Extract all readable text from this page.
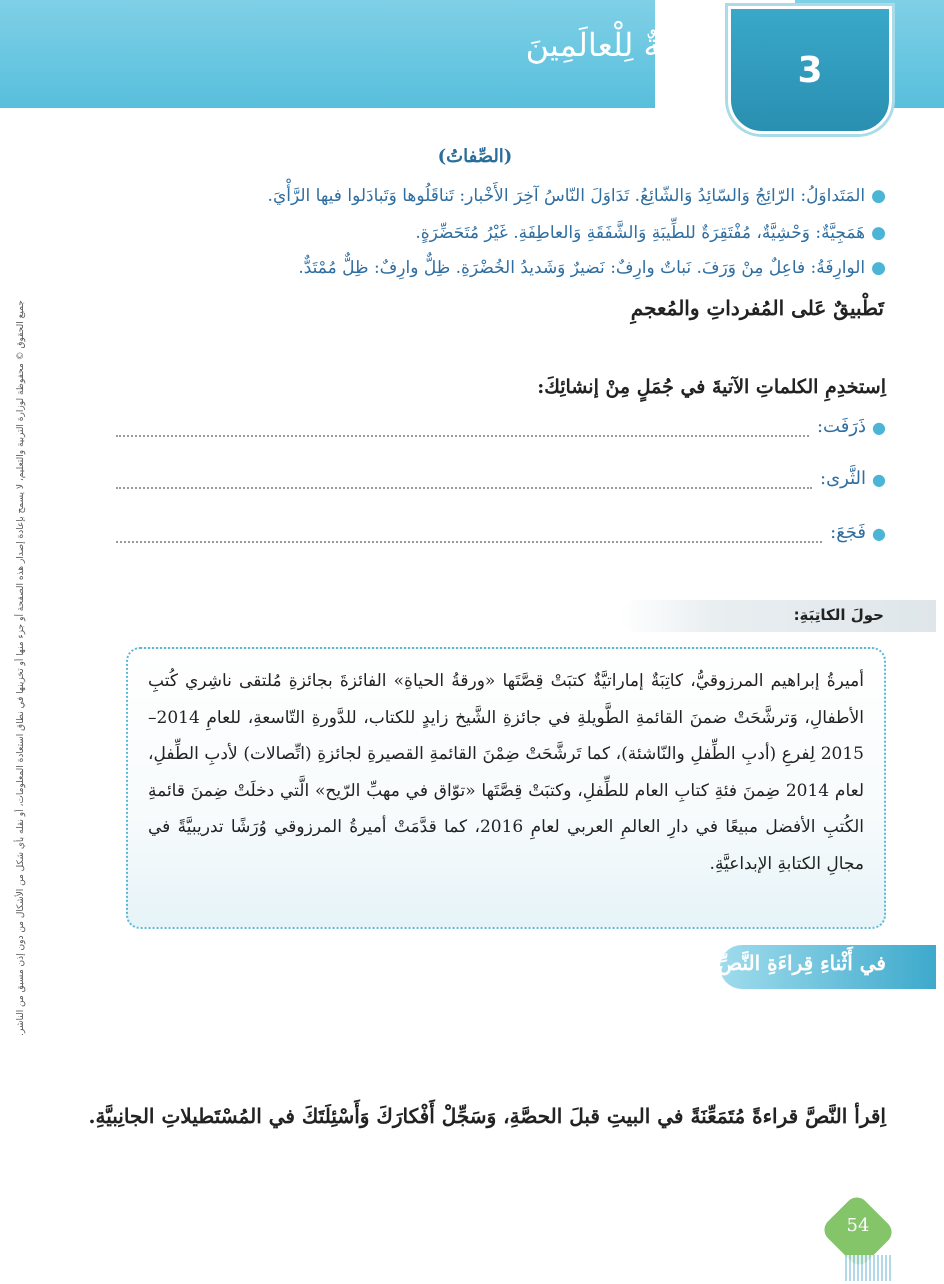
3
رَحْمَةٌ لِلْعالَمِينَ
جميع الحقوق © محفوظة لوزارة التربية والتعليم، لا يسمح بإعادة إصدار هذه الصفحة أو جزء منها أو تخزينها في نطاق استعادة المعلومات، أو نقله بأي شكل من الأشكال من دون إذن مسبق من الناشر.
(الصِّفاتُ)
●المَتَداوَلُ: الرّائِجُ وَالسّائِدُ وَالشّائِعُ. تَدَاوَلَ النّاسُ آخِرَ الأَخْبار: تَناقَلُوها وَتَبادَلوا فيها الرَّأْيَ.
●هَمَجِيَّةٌ: وَحْشِيَّةٌ، مُفْتَقِرَةٌ للطِّيبَةِ وَالشَّفَقَةِ وَالعاطِفَةِ. غَيْرُ مُتَحَضِّرَةٍ.
●الوارِفَةُ: فاعِلٌ مِنْ وَرَفَ. نَباتٌ وارِفٌ: نَضيرٌ وَشَديدُ الخُضْرَةِ. ظِلٌّ وارِفٌ: ظِلٌّ مُمْتَدٌّ.
تَطْبيقٌ عَلى المُفرداتِ والمُعجمِ
اِستخدِمِ الكلماتِ الآتيةَ في جُمَلٍ مِنْ إنشائِكَ:
●
ذَرَفَت:
●
الثَّرى:
●
فَجَعَ:
حولَ الكاتِبَةِ:
أميرةُ إبراهيم المرزوقيُّ، كاتِبَةٌ إماراتيَّةٌ كتبَتْ قِصَّتَها «ورقةُ الحياةِ» الفائزةَ بجائزةِ مُلتقى ناشِري كُتبِ الأطفالِ، وَترشَّحَتْ ضمنَ القائمةِ الطَّويلةِ في جائزةِ الشَّيخ زايدٍ للكتاب، للدَّورةِ التّاسعةِ، للعامِ 2014–2015 لِفرعِ (أدبِ الطِّفلِ والنّاشئة)، كما تَرشَّحَتْ ضِمْنَ القائمةِ القصيرةِ لجائزةِ (اتِّصالات) لأدبِ الطِّفلِ، لعام 2014 ضِمنَ فئةِ كتابِ العام للطِّفلِ، وكتبَتْ قِصَّتَها «توّاق في مهبِّ الرّيح» الَّتي دخلَتْ ضِمنَ قائمةِ الكُتبِ الأفضل مبيعًا في دارِ العالمِ العربي لعامِ 2016، كما قدَّمَتْ أميرةُ المرزوقي وُرَشًا تدريبيَّةً في مجالِ الكتابةِ الإبداعيَّةِ.
في أَثْناءِ قِراءَةِ النَّصِّ.
اِقرأ النَّصَّ قراءةً مُتَمَعِّنَةً في البيتِ قبلَ الحصَّةِ، وَسَجِّلْ أَفْكارَكَ وَأَسْئِلَتَكَ في المُسْتَطيلاتِ الجانِبيَّةِ.
54
